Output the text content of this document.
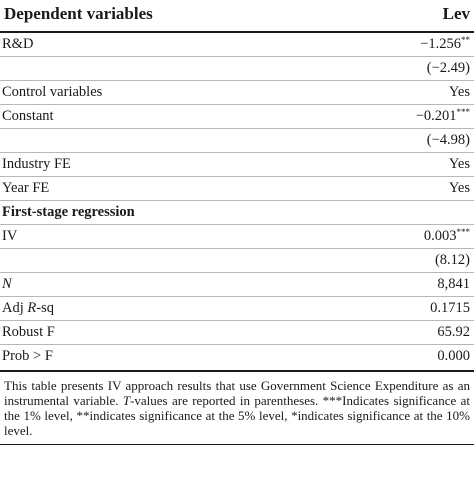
Dependent variables	Lev
R&D	−1.256**
(−2.49)
Control variables	Yes
Constant	−0.201***
(−4.98)
Industry FE	Yes
Year FE	Yes
First-stage regression
IV	0.003***
(8.12)
N	8,841
Adj R-sq	0.1715
Robust F	65.92
Prob > F	0.000
This table presents IV approach results that use Government Science Expenditure as an instrumental variable. T-values are reported in parentheses. ***Indicates significance at the 1% level, **indicates significance at the 5% level, *indicates significance at the 10% level.
